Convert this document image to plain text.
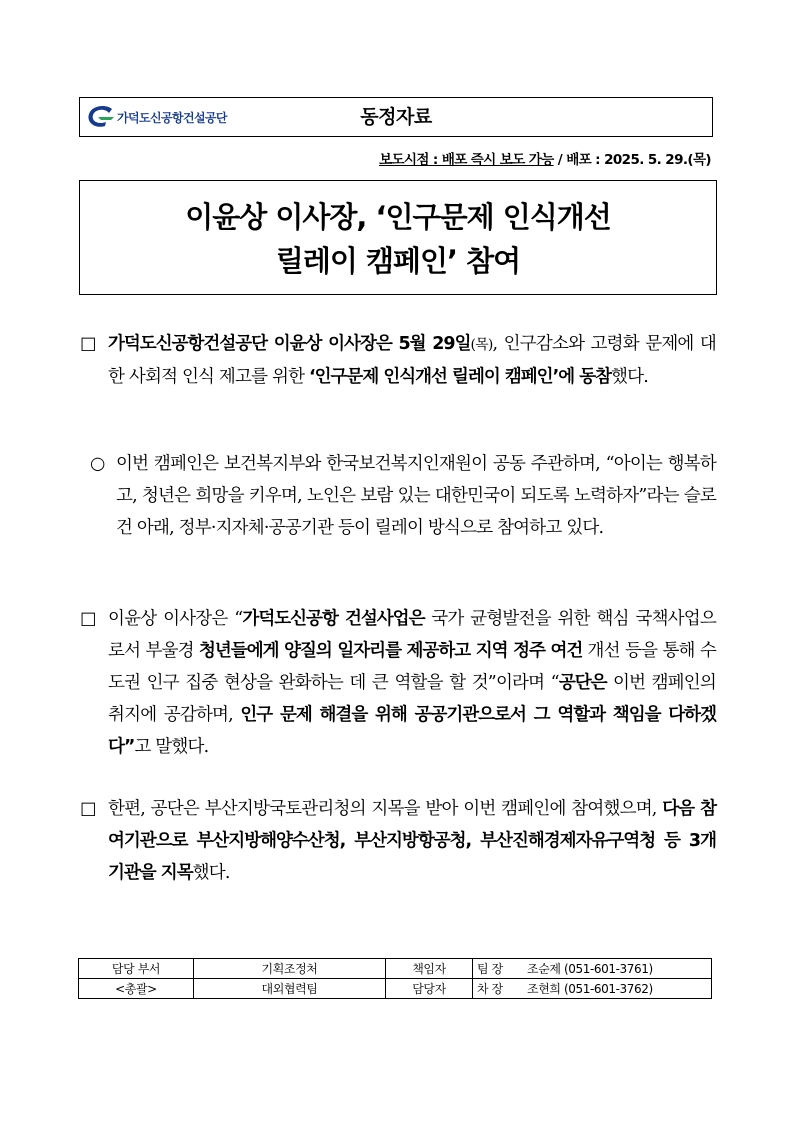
가덕도신공항건설공단	동정자료
보도시점 : 배포 즉시 보도 가능 / 배포 : 2025. 5. 29.(목)
이윤상 이사장, ‘인구문제 인식개선
릴레이 캠페인’ 참여
□ 가덕도신공항건설공단 이윤상 이사장은 5월 29일(목), 인구감소와 고령화 문제에 대한 사회적 인식 제고를 위한 ‘인구문제 인식개선 릴레이 캠페인’에 동참했다.
○ 이번 캠페인은 보건복지부와 한국보건복지인재원이 공동 주관하며, “아이는 행복하고, 청년은 희망을 키우며, 노인은 보람 있는 대한민국이 되도록 노력하자”라는 슬로건 아래, 정부·지자체·공공기관 등이 릴레이 방식으로 참여하고 있다.
□ 이윤상 이사장은 “가덕도신공항 건설사업은 국가 균형발전을 위한 핵심 국책사업으로서 부울경 청년들에게 양질의 일자리를 제공하고 지역 정주 여건 개선 등을 통해 수도권 인구 집중 현상을 완화하는 데 큰 역할을 할 것”이라며 “공단은 이번 캠페인의 취지에 공감하며, 인구 문제 해결을 위해 공공기관으로서 그 역할과 책임을 다하겠다”고 말했다.
□ 한편, 공단은 부산지방국토관리청의 지목을 받아 이번 캠페인에 참여했으며, 다음 참여기관으로 부산지방해양수산청, 부산지방항공청, 부산진해경제자유구역청 등 3개 기관을 지목했다.
담당 부서	기획조정처	책임자	팀 장 조순제 (051-601-3761)
<총괄>	대외협력팀	담당자	차 장 조현희 (051-601-3762)
